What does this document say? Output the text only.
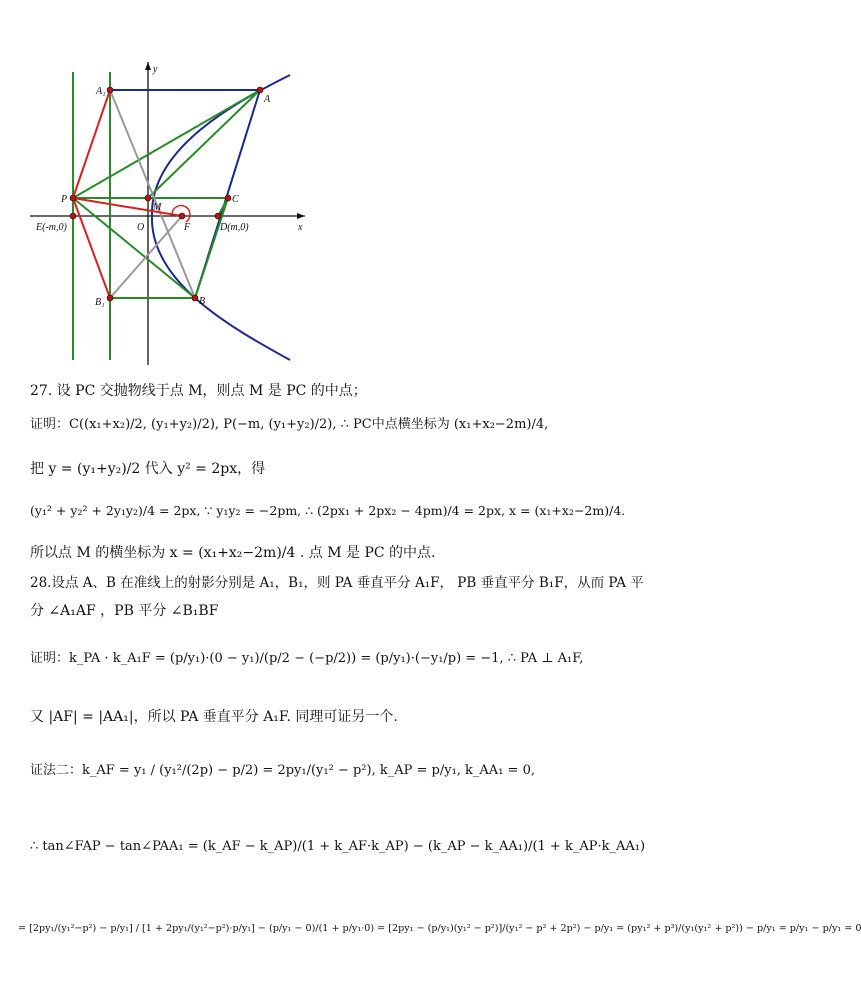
y
x
A₁
A
P
M
C
E(-m,0)	O	F	D(m,0)
B₁	B
27. 设 PC 交抛物线于点 M，则点 M 是 PC 的中点；
证明：C((x₁+x₂)/2, (y₁+y₂)/2), P(−m, (y₁+y₂)/2), ∴ PC中点横坐标为 (x₁+x₂−2m)/4,
把 y = (y₁+y₂)/2 代入 y² = 2px，得
(y₁² + y₂² + 2y₁y₂)/4 = 2px, ∵ y₁y₂ = −2pm, ∴ (2px₁ + 2px₂ − 4pm)/4 = 2px, x = (x₁+x₂−2m)/4.
所以点 M 的横坐标为 x = (x₁+x₂−2m)/4 . 点 M 是 PC 的中点.
28.设点 A、B 在准线上的射影分别是 A₁，B₁，则 PA 垂直平分 A₁F， PB 垂直平分 B₁F，从而 PA 平
分 ∠A₁AF ，PB 平分 ∠B₁BF
证明：k_PA · k_A₁F = (p/y₁)·(0 − y₁)/(p/2 − (−p/2)) = (p/y₁)·(−y₁/p) = −1, ∴ PA ⊥ A₁F,
又 |AF| = |AA₁|，所以 PA 垂直平分 A₁F. 同理可证另一个.
证法二：k_AF = y₁ / (y₁²/(2p) − p/2) = 2py₁/(y₁² − p²), k_AP = p/y₁, k_AA₁ = 0,
∴ tan∠FAP − tan∠PAA₁ = (k_AF − k_AP)/(1 + k_AF·k_AP) − (k_AP − k_AA₁)/(1 + k_AP·k_AA₁)
= [2py₁/(y₁²−p²) − p/y₁] / [1 + 2py₁/(y₁²−p²)·p/y₁] − (p/y₁ − 0)/(1 + p/y₁·0) = [2py₁ − (p/y₁)(y₁² − p²)]/(y₁² − p² + 2p²) − p/y₁ = (py₁² + p³)/(y₁(y₁² + p²)) − p/y₁ = p/y₁ − p/y₁ = 0
